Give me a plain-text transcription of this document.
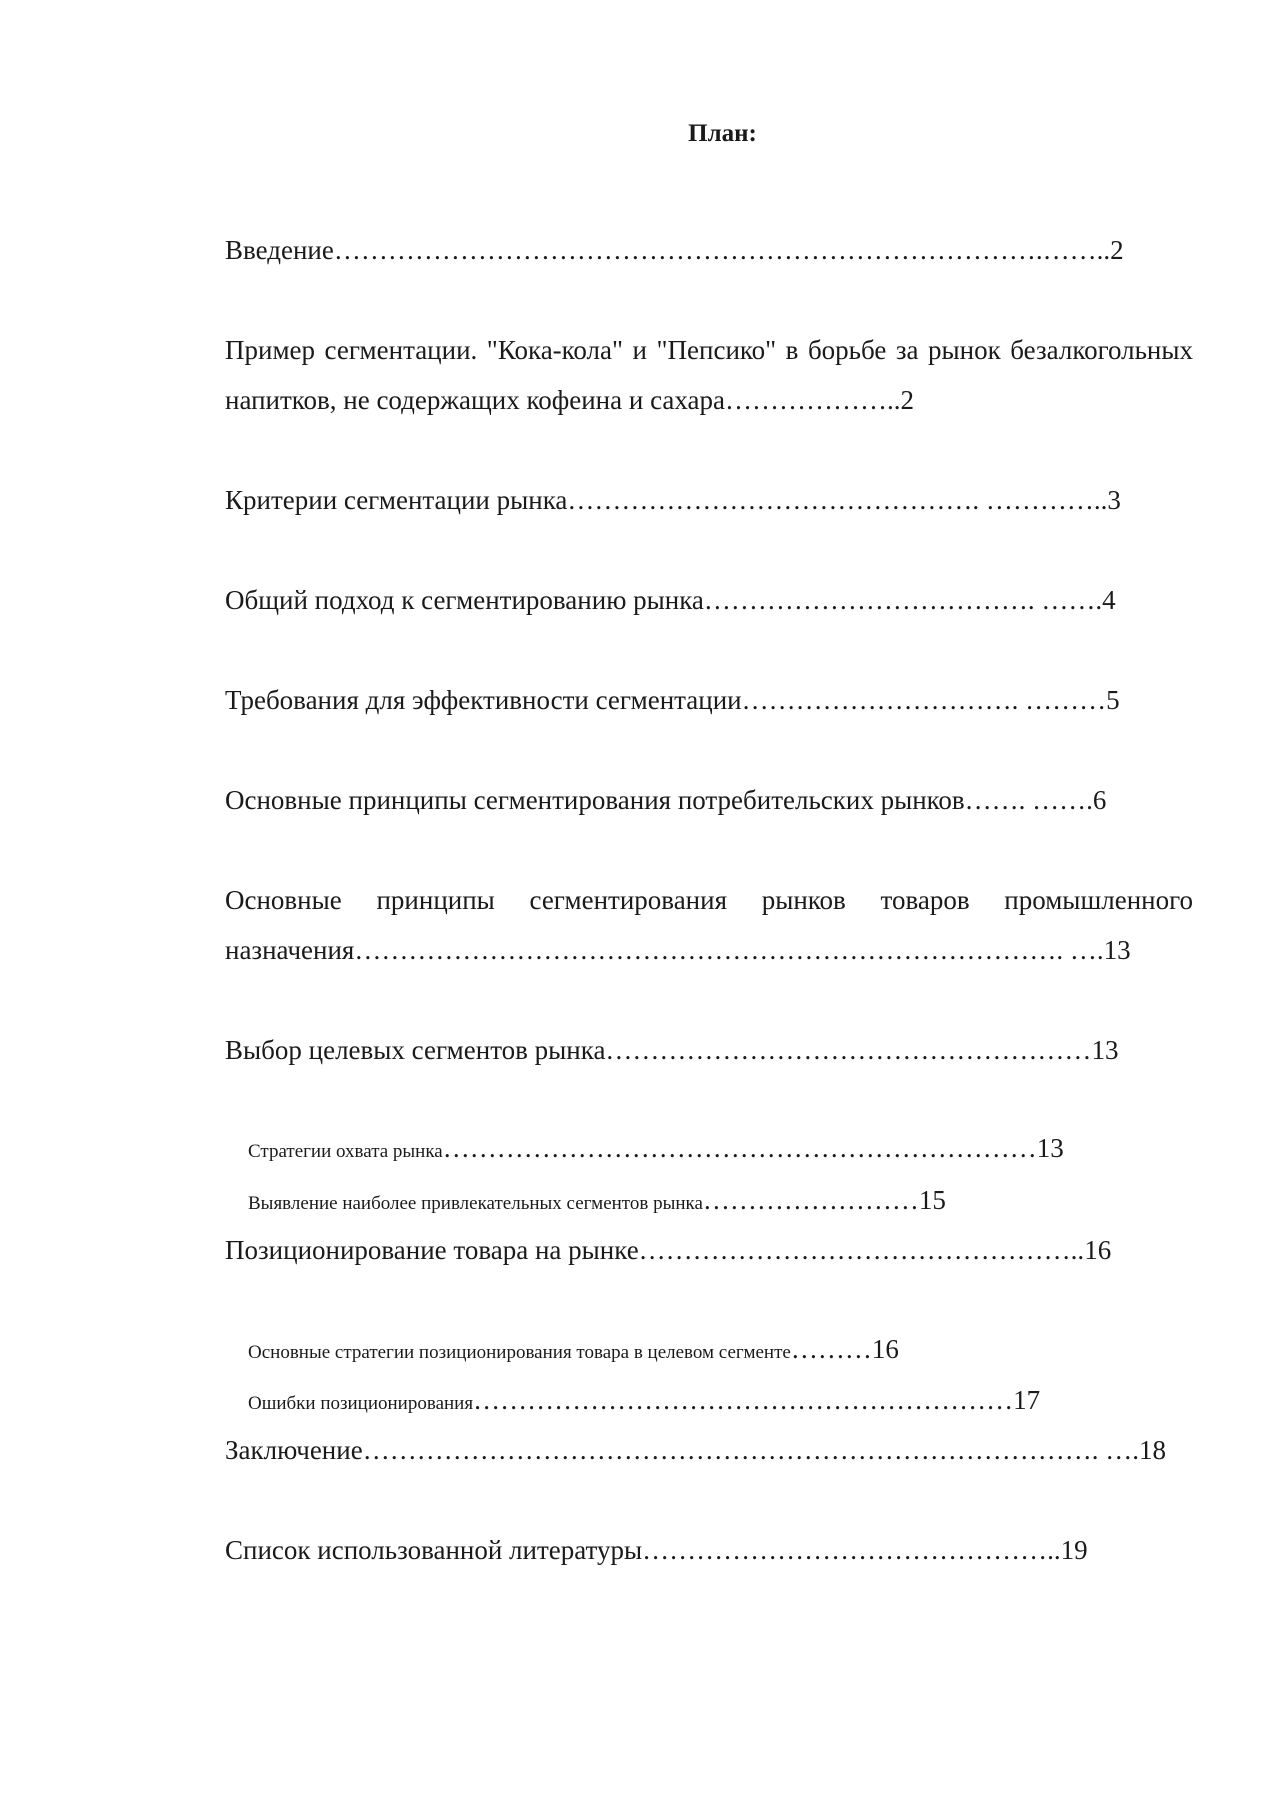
План:

Введение…………………………………………………………………….……..2

Пример сегментации. "Кока-кола" и "Пепсико" в борьбе за рынок безалкогольных напитков, не содержащих кофеина и сахара………………..2

Критерии сегментации рынка………………………………………. …………..3

Общий подход к сегментированию рынка………………………………. …….4

Требования для эффективности сегментации…………………………. ………5

Основные принципы сегментирования потребительских рынков……. …….6

Основные принципы сегментирования рынков товаров промышленного назначения……………………………………………………………………. ….13

Выбор целевых сегментов рынка………………………………………………13

Стратегии охвата рынка…………………………………………………………13
Выявление наиболее привлекательных сегментов рынка……………………15

Позиционирование товара на рынке…………………………………………..16

Основные стратегии позиционирования товара в целевом сегменте………16
Ошибки позиционирования……………………………………………………17

Заключение………………………………………………………………………. ….18

Список использованной литературы………………………………………..19
